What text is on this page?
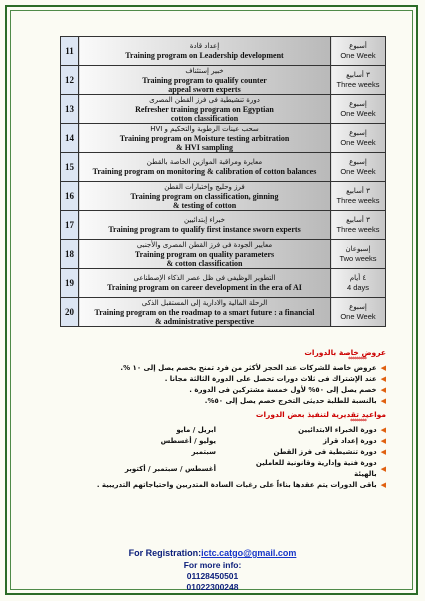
11	إعداد قادة
Training program on Leadership development	أسبوع
One Week

12	خبير إستئناف
Training program to qualify counter
appeal sworn experts	٣ أسابيع
Three weeks

13	دورة تنشيطية فى فرز القطن المصرى
Refresher training program on Egyptian
cotton classification	إسبوع
One Week

14	سحب عينات الرطوبة والتحكيم و HVI
Training program on Moisture testing arbitration
& HVI sampling	إسبوع
One Week

15	معايرة ومراقبة الموازين الخاصة بالقطن
Training program on monitoring & calibration of cotton balances	إسبوع
One Week

16	فرز وحليج وإختبارات القطن
Training program on classification, ginning
& testing of cotton	٣ أسابيع
Three weeks

17	خبراء إبتدائيين
Training program to qualify first instance sworn experts	٣ أسابيع
Three weeks

18	معايير الجودة فى فرز القطن المصرى والأجنبى
Training program on quality parameters
& cotton classification	إسبوعان
Two weeks

19	التطوير الوظيفى فى ظل عصر الذكاء الإصطناعى
Training program on career development in the era of AI	٤ أيام
4 days

20	الرحلة المالية والادارية إلى المستقبل الذكى
Training program on the roadmap to a smart future : a financial
& administrative perspective	إسبوع
One Week
عروض خاصة بالدورات
*********
◀
عروض خاصة للشركات عند الحجز لأكثر من فرد تمنح بخصم يصل إلى ١٠ %.
◀
عند الإشتراك فى ثلاث دورات تحصل على الدورة الثالثة مجانا .
◀
خصم يصل إلى ٥٠% لأول خمسة مشتركين فى الدورة .
◀
بالنسبة للطلبة حديثى التخرج خصم يصل إلى ٥٠%.
مواعيد تقديرية لتنفيذ بعض الدورات
********
◀
دورة الخبراء الابتدائيين
ابريل / مايو
◀
دورة إعداد قراز
يوليو / أغسطس
◀
دورة تنشيطية فى فرز القطن
سبتمبر
◀
دورة فنية وإدارية وقانونية للعاملين بالهيئة
أغسطس / سبتمبر / أكتوبر
◀
باقى الدورات يتم عقدها بناءاً على رغبات السادة المتدربين واحتياجاتهم التدريبية .
For Registration:ictc.catgo@gmail.com
For more info:
01128450501
01022300248
